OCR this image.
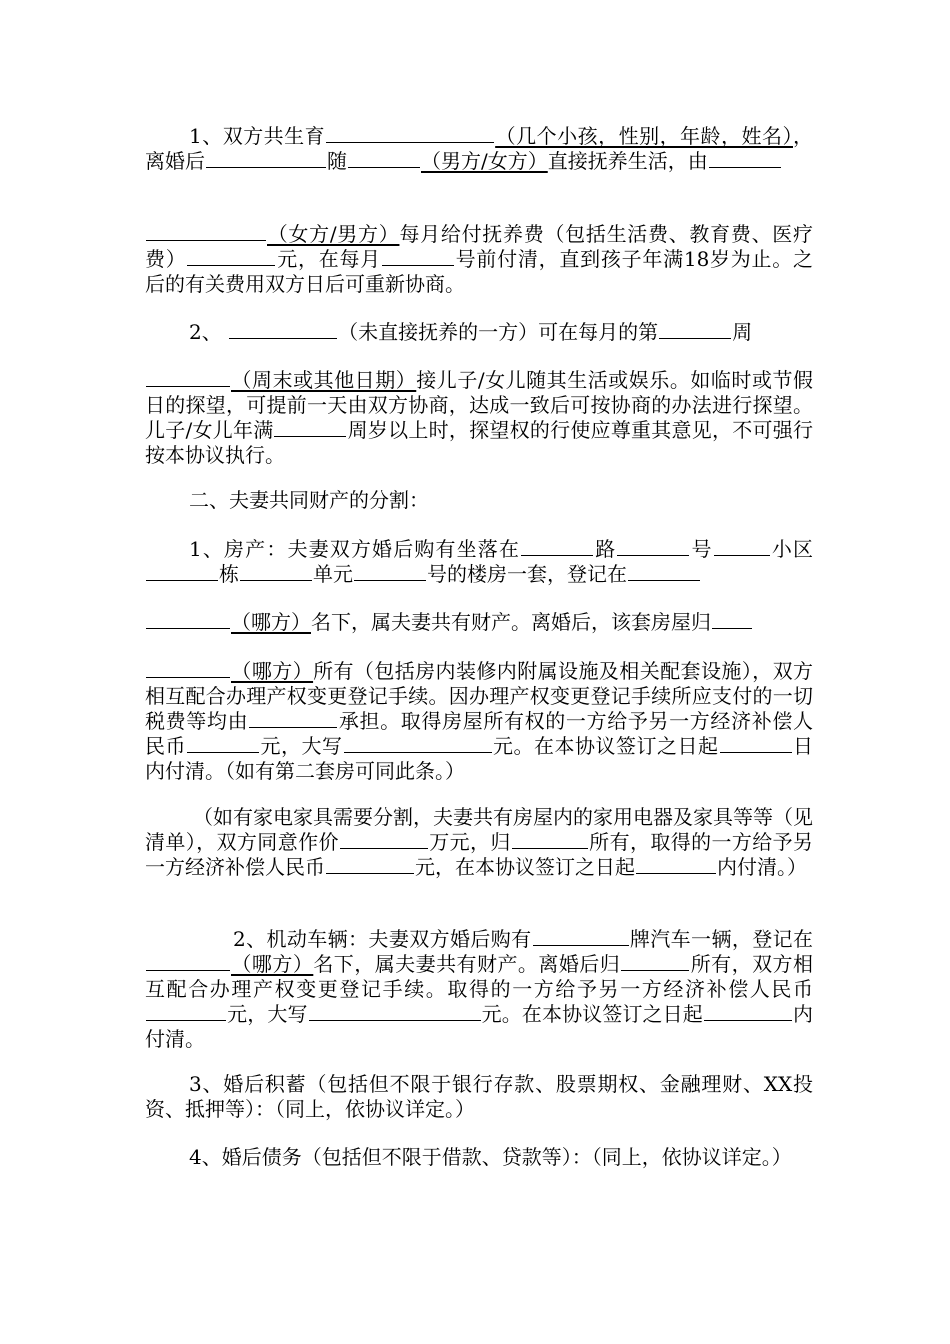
1、双方共生育	（几个小孩，性别，年龄，姓名），离婚后	随	（男方/女方）直接抚养生活，由

（女方/男方）每月给付抚养费（包括生活费、教育费、医疗费）	元，在每月	号前付清，直到孩子年满18岁为止。之后的有关费用双方日后可重新协商。

2、	（未直接抚养的一方）可在每月的第	周

（周末或其他日期）接儿子/女儿随其生活或娱乐。如临时或节假日的探望，可提前一天由双方协商，达成一致后可按协商的办法进行探望。儿子/女儿年满	周岁以上时，探望权的行使应尊重其意见，不可强行按本协议执行。

二、夫妻共同财产的分割：

1、房产：夫妻双方婚后购有坐落在	路	号	小区栋	单元	号的楼房一套，登记在

（哪方）名下，属夫妻共有财产。离婚后，该套房屋归

（哪方）所有（包括房内装修内附属设施及相关配套设施），双方相互配合办理产权变更登记手续。因办理产权变更登记手续所应支付的一切税费等均由	承担。取得房屋所有权的一方给予另一方经济补偿人民币	元，大写	元。在本协议签订之日起	日内付清。（如有第二套房可同此条。）

（如有家电家具需要分割，夫妻共有房屋内的家用电器及家具等等（见清单），双方同意作价	万元，归	所有，取得的一方给予另一方经济补偿人民币	元，在本协议签订之日起	内付清。）

2、机动车辆：夫妻双方婚后购有	牌汽车一辆，登记在（哪方）名下，属夫妻共有财产。离婚后归	所有，双方相互配合办理产权变更登记手续。取得的一方给予另一方经济补偿人民币元，大写	元。在本协议签订之日起	内付清。

3、婚后积蓄（包括但不限于银行存款、股票期权、金融理财、XX投资、抵押等）：（同上，依协议详定。）

4、婚后债务（包括但不限于借款、贷款等）：（同上，依协议详定。）
